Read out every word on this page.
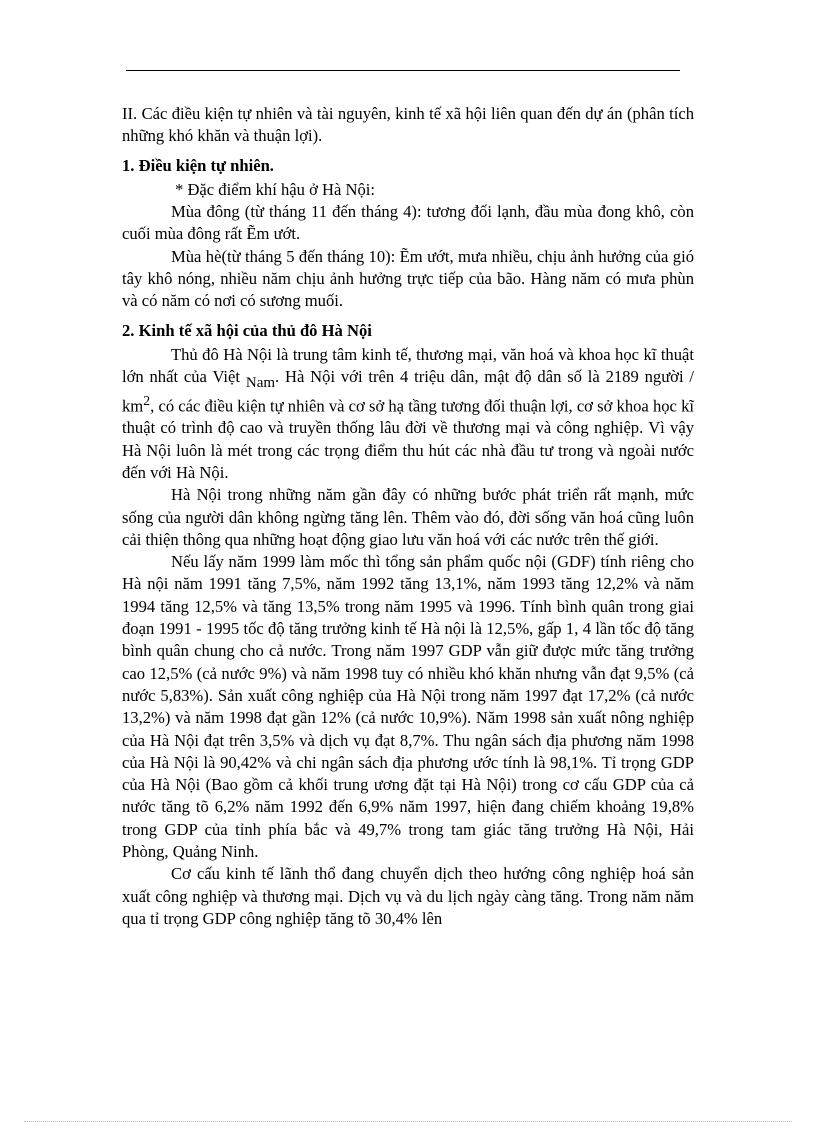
II. Các điều kiện tự nhiên và tài nguyên, kinh tế xã hội liên quan đến dự án (phân tích những khó khăn và thuận lợi).

1. Điều kiện tự nhiên.

* Đặc điểm khí hậu ở Hà Nội:

Mùa đông (từ tháng 11 đến tháng 4): tương đối lạnh, đầu mùa đong khô, còn cuối mùa đông rất Ẽm ướt.

Mùa hè(từ tháng 5 đến tháng 10): Ẽm ướt, mưa nhiều, chịu ảnh hưởng của gió tây khô nóng, nhiều năm chịu ảnh hưởng trực tiếp của bão. Hàng năm có mưa phùn và có năm có nơi có sương muối.

2. Kinh tế xã hội của thủ đô Hà Nội

Thủ đô Hà Nội là trung tâm kinh tế, thương mại, văn hoá và khoa học kĩ thuật lớn nhất của Việt Nam. Hà Nội với trên 4 triệu dân, mật độ dân số là 2189 người / $km^2$, có các điều kiện tự nhiên và cơ sở hạ tầng tương đối thuận lợi, cơ sở khoa học kĩ thuật có trình độ cao và truyền thống lâu đời về thương mại và công nghiệp. Vì vậy Hà Nội luôn là mét trong các trọng điểm thu hút các nhà đầu tư trong và ngoài nước đến với Hà Nội.

Hà Nội trong những năm gần đây có những bước phát triển rất mạnh, mức sống của người dân không ngừng tăng lên. Thêm vào đó, đời sống văn hoá cũng luôn cải thiện thông qua những hoạt động giao lưu văn hoá với các nước trên thế giới.

Nếu lấy năm 1999 làm mốc thì tổng sản phẩm quốc nội (GDF) tính riêng cho Hà nội năm 1991 tăng 7,5%, năm 1992 tăng 13,1%, năm 1993 tăng 12,2% và năm 1994 tăng 12,5% và tăng 13,5% trong năm 1995 và 1996. Tính bình quân trong giai đoạn 1991 - 1995 tốc độ tăng trưởng kinh tế Hà nội là 12,5%, gấp 1, 4 lần tốc độ tăng bình quân chung cho cả nước. Trong năm 1997 GDP vẫn giữ được mức tăng trưởng cao 12,5% (cả nước 9%) và năm 1998 tuy có nhiều khó khăn nhưng vẫn đạt 9,5% (cả nước 5,83%). Sản xuất công nghiệp của Hà Nội trong năm 1997 đạt 17,2% (cả nước 13,2%) và năm 1998 đạt gần 12% (cả nước 10,9%). Năm 1998 sản xuất nông nghiệp của Hà Nội đạt trên 3,5% và dịch vụ đạt 8,7%. Thu ngân sách địa phương năm 1998 của Hà Nội là 90,42% và chi ngân sách địa phương ước tính là 98,1%. Tỉ trọng GDP của Hà Nội (Bao gồm cả khối trung ương đặt tại Hà Nội) trong cơ cấu GDP của cả nước tăng tõ 6,2% năm 1992 đến 6,9% năm 1997, hiện đang chiếm khoảng 19,8% trong GDP của tỉnh phía bắc và 49,7% trong tam giác tăng trưởng Hà Nội, Hải Phòng, Quảng Ninh.

Cơ cấu kinh tế lãnh thổ đang chuyển dịch theo hướng công nghiệp hoá sản xuất công nghiệp và thương mại. Dịch vụ và du lịch ngày càng tăng. Trong năm năm qua tỉ trọng GDP công nghiệp tăng tõ 30,4% lên
